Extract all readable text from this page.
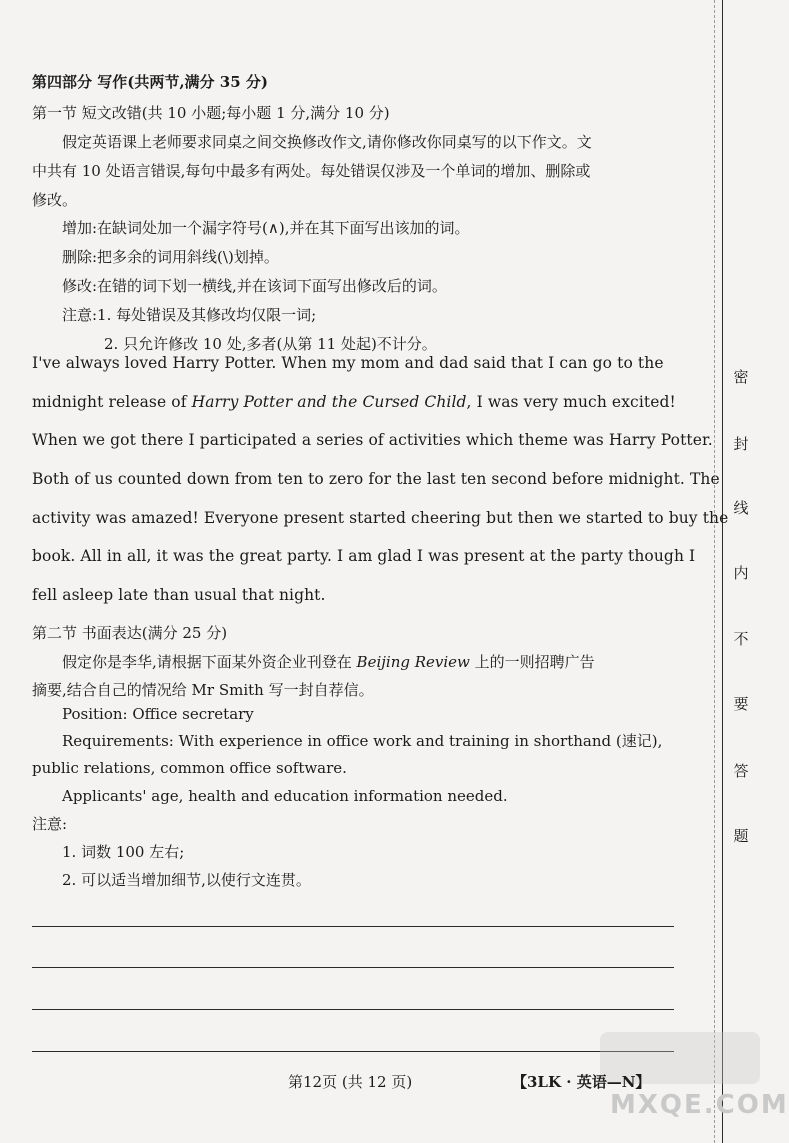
第四部分 写作(共两节,满分 35 分)
第一节 短文改错(共 10 小题;每小题 1 分,满分 10 分)
假定英语课上老师要求同桌之间交换修改作文,请你修改你同桌写的以下作文。文
中共有 10 处语言错误,每句中最多有两处。每处错误仅涉及一个单词的增加、删除或
修改。
增加:在缺词处加一个漏字符号(∧),并在其下面写出该加的词。
删除:把多余的词用斜线(\)划掉。
修改:在错的词下划一横线,并在该词下面写出修改后的词。
注意:1. 每处错误及其修改均仅限一词;
2. 只允许修改 10 处,多者(从第 11 处起)不计分。
I've always loved Harry Potter. When my mom and dad said that I can go to the
midnight release of Harry Potter and the Cursed Child, I was very much excited!
When we got there I participated a series of activities which theme was Harry Potter.
Both of us counted down from ten to zero for the last ten second before midnight. The
activity was amazed! Everyone present started cheering but then we started to buy the
book. All in all, it was the great party. I am glad I was present at the party though I
fell asleep late than usual that night.
第二节 书面表达(满分 25 分)
假定你是李华,请根据下面某外资企业刊登在 Beijing Review 上的一则招聘广告
摘要,结合自己的情况给 Mr Smith 写一封自荐信。
Position: Office secretary
Requirements: With experience in office work and training in shorthand (速记),
public relations, common office software.
Applicants' age, health and education information needed.
注意:
1. 词数 100 左右;
2. 可以适当增加细节,以使行文连贯。
密
封
线
内
不
要
答
题
第12页 (共 12 页)	【3LK · 英语—N】
MXQE.COM
